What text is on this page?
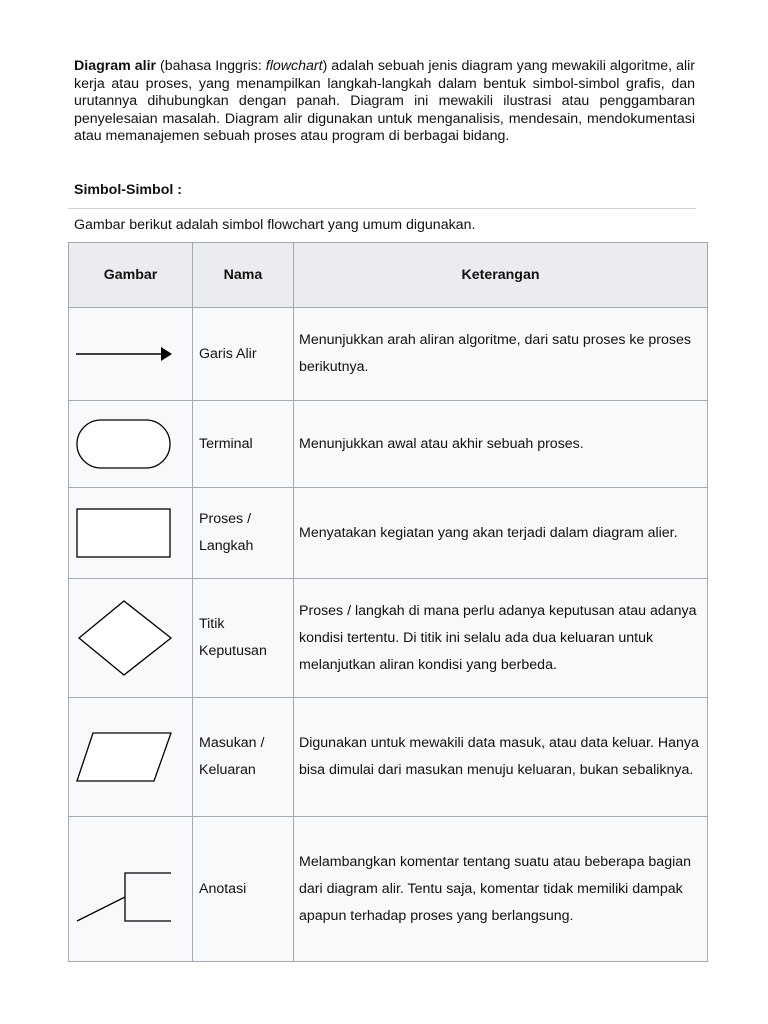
Diagram alir (bahasa Inggris: flowchart) adalah sebuah jenis diagram yang mewakili algoritme, alir kerja atau proses, yang menampilkan langkah-langkah dalam bentuk simbol-simbol grafis, dan urutannya dihubungkan dengan panah. Diagram ini mewakili ilustrasi atau penggambaran penyelesaian masalah. Diagram alir digunakan untuk menganalisis, mendesain, mendokumentasi atau memanajemen sebuah proses atau program di berbagai bidang.

Simbol-Simbol :

Gambar berikut adalah simbol flowchart yang umum digunakan.

Gambar	Nama	Keterangan

	Garis Alir	Menunjukkan arah aliran algoritme, dari satu proses ke proses berikutnya.

	Terminal	Menunjukkan awal atau akhir sebuah proses.

	Proses / Langkah	Menyatakan kegiatan yang akan terjadi dalam diagram alier.

	Titik Keputusan	Proses / langkah di mana perlu adanya keputusan atau adanya kondisi tertentu. Di titik ini selalu ada dua keluaran untuk melanjutkan aliran kondisi yang berbeda.

	Masukan / Keluaran	Digunakan untuk mewakili data masuk, atau data keluar. Hanya bisa dimulai dari masukan menuju keluaran, bukan sebaliknya.

	Anotasi	Melambangkan komentar tentang suatu atau beberapa bagian dari diagram alir. Tentu saja, komentar tidak memiliki dampak apapun terhadap proses yang berlangsung.
